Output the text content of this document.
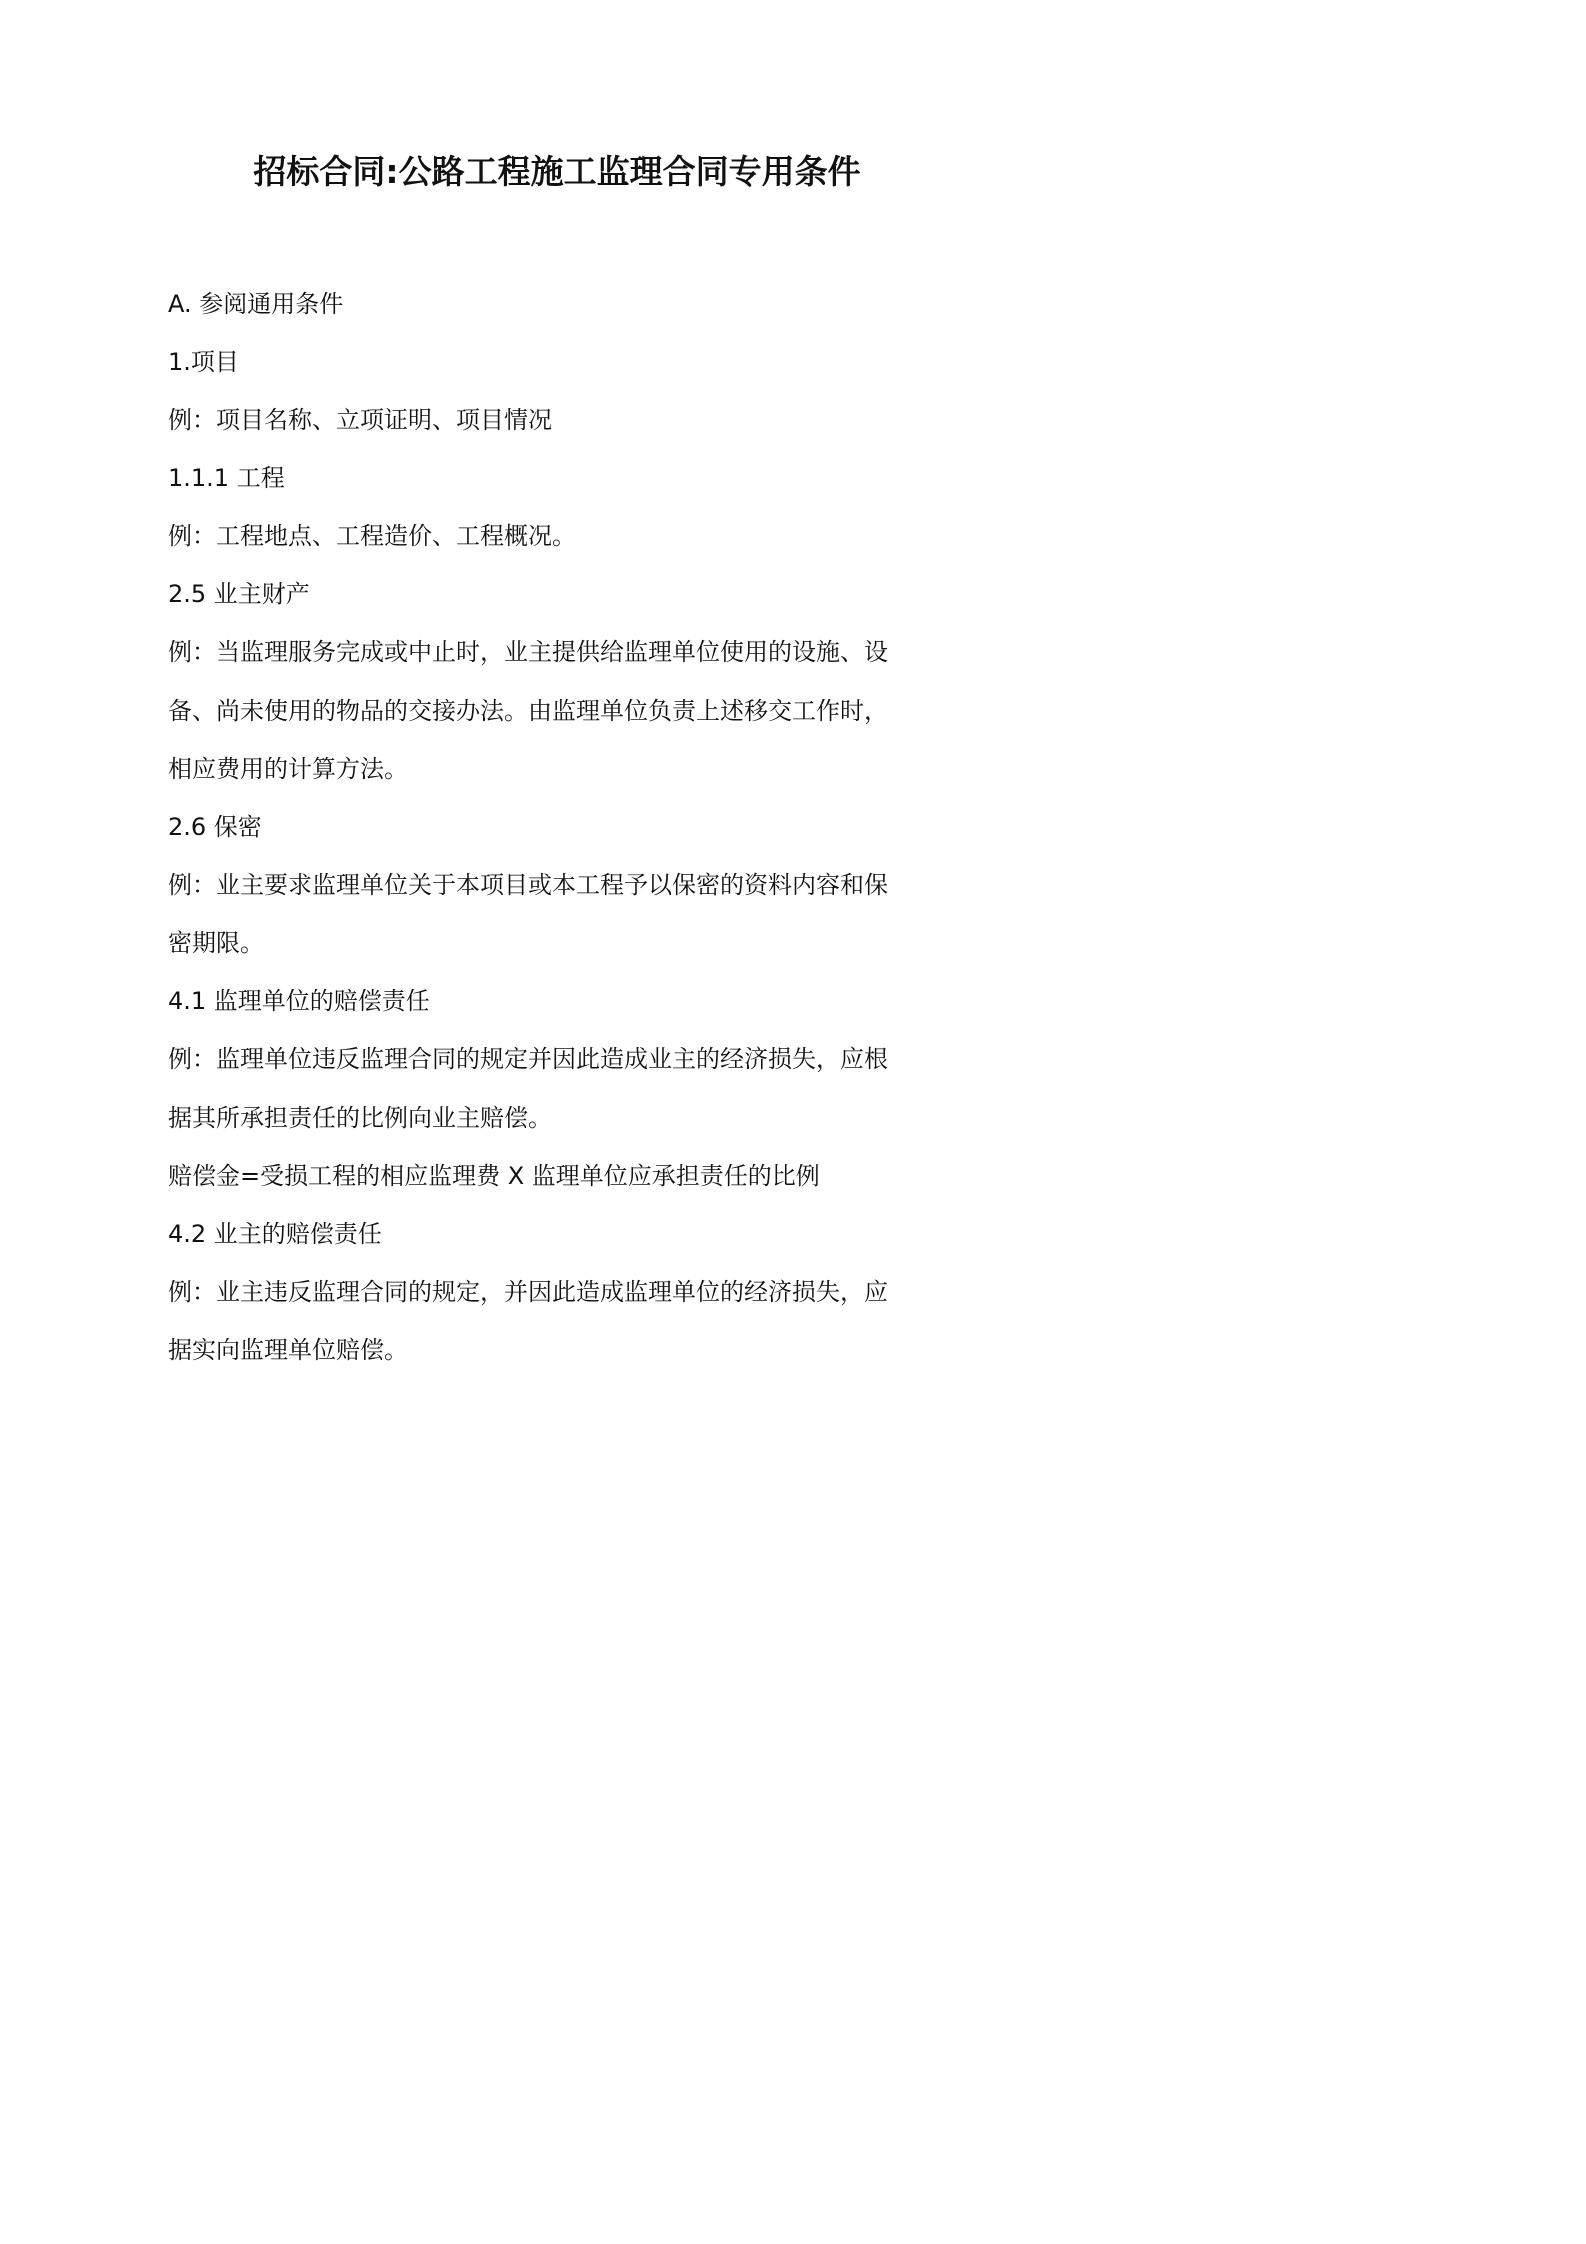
招标合同:公路工程施工监理合同专用条件
A. 参阅通用条件
1.项目
例：项目名称、立项证明、项目情况
1.1.1 工程
例：工程地点、工程造价、工程概况。
2.5 业主财产
例：当监理服务完成或中止时，业主提供给监理单位使用的设施、设
备、尚未使用的物品的交接办法。由监理单位负责上述移交工作时，
相应费用的计算方法。
2.6 保密
例：业主要求监理单位关于本项目或本工程予以保密的资料内容和保
密期限。
4.1 监理单位的赔偿责任
例：监理单位违反监理合同的规定并因此造成业主的经济损失，应根
据其所承担责任的比例向业主赔偿。
赔偿金=受损工程的相应监理费 X 监理单位应承担责任的比例
4.2 业主的赔偿责任
例：业主违反监理合同的规定，并因此造成监理单位的经济损失，应
据实向监理单位赔偿。
